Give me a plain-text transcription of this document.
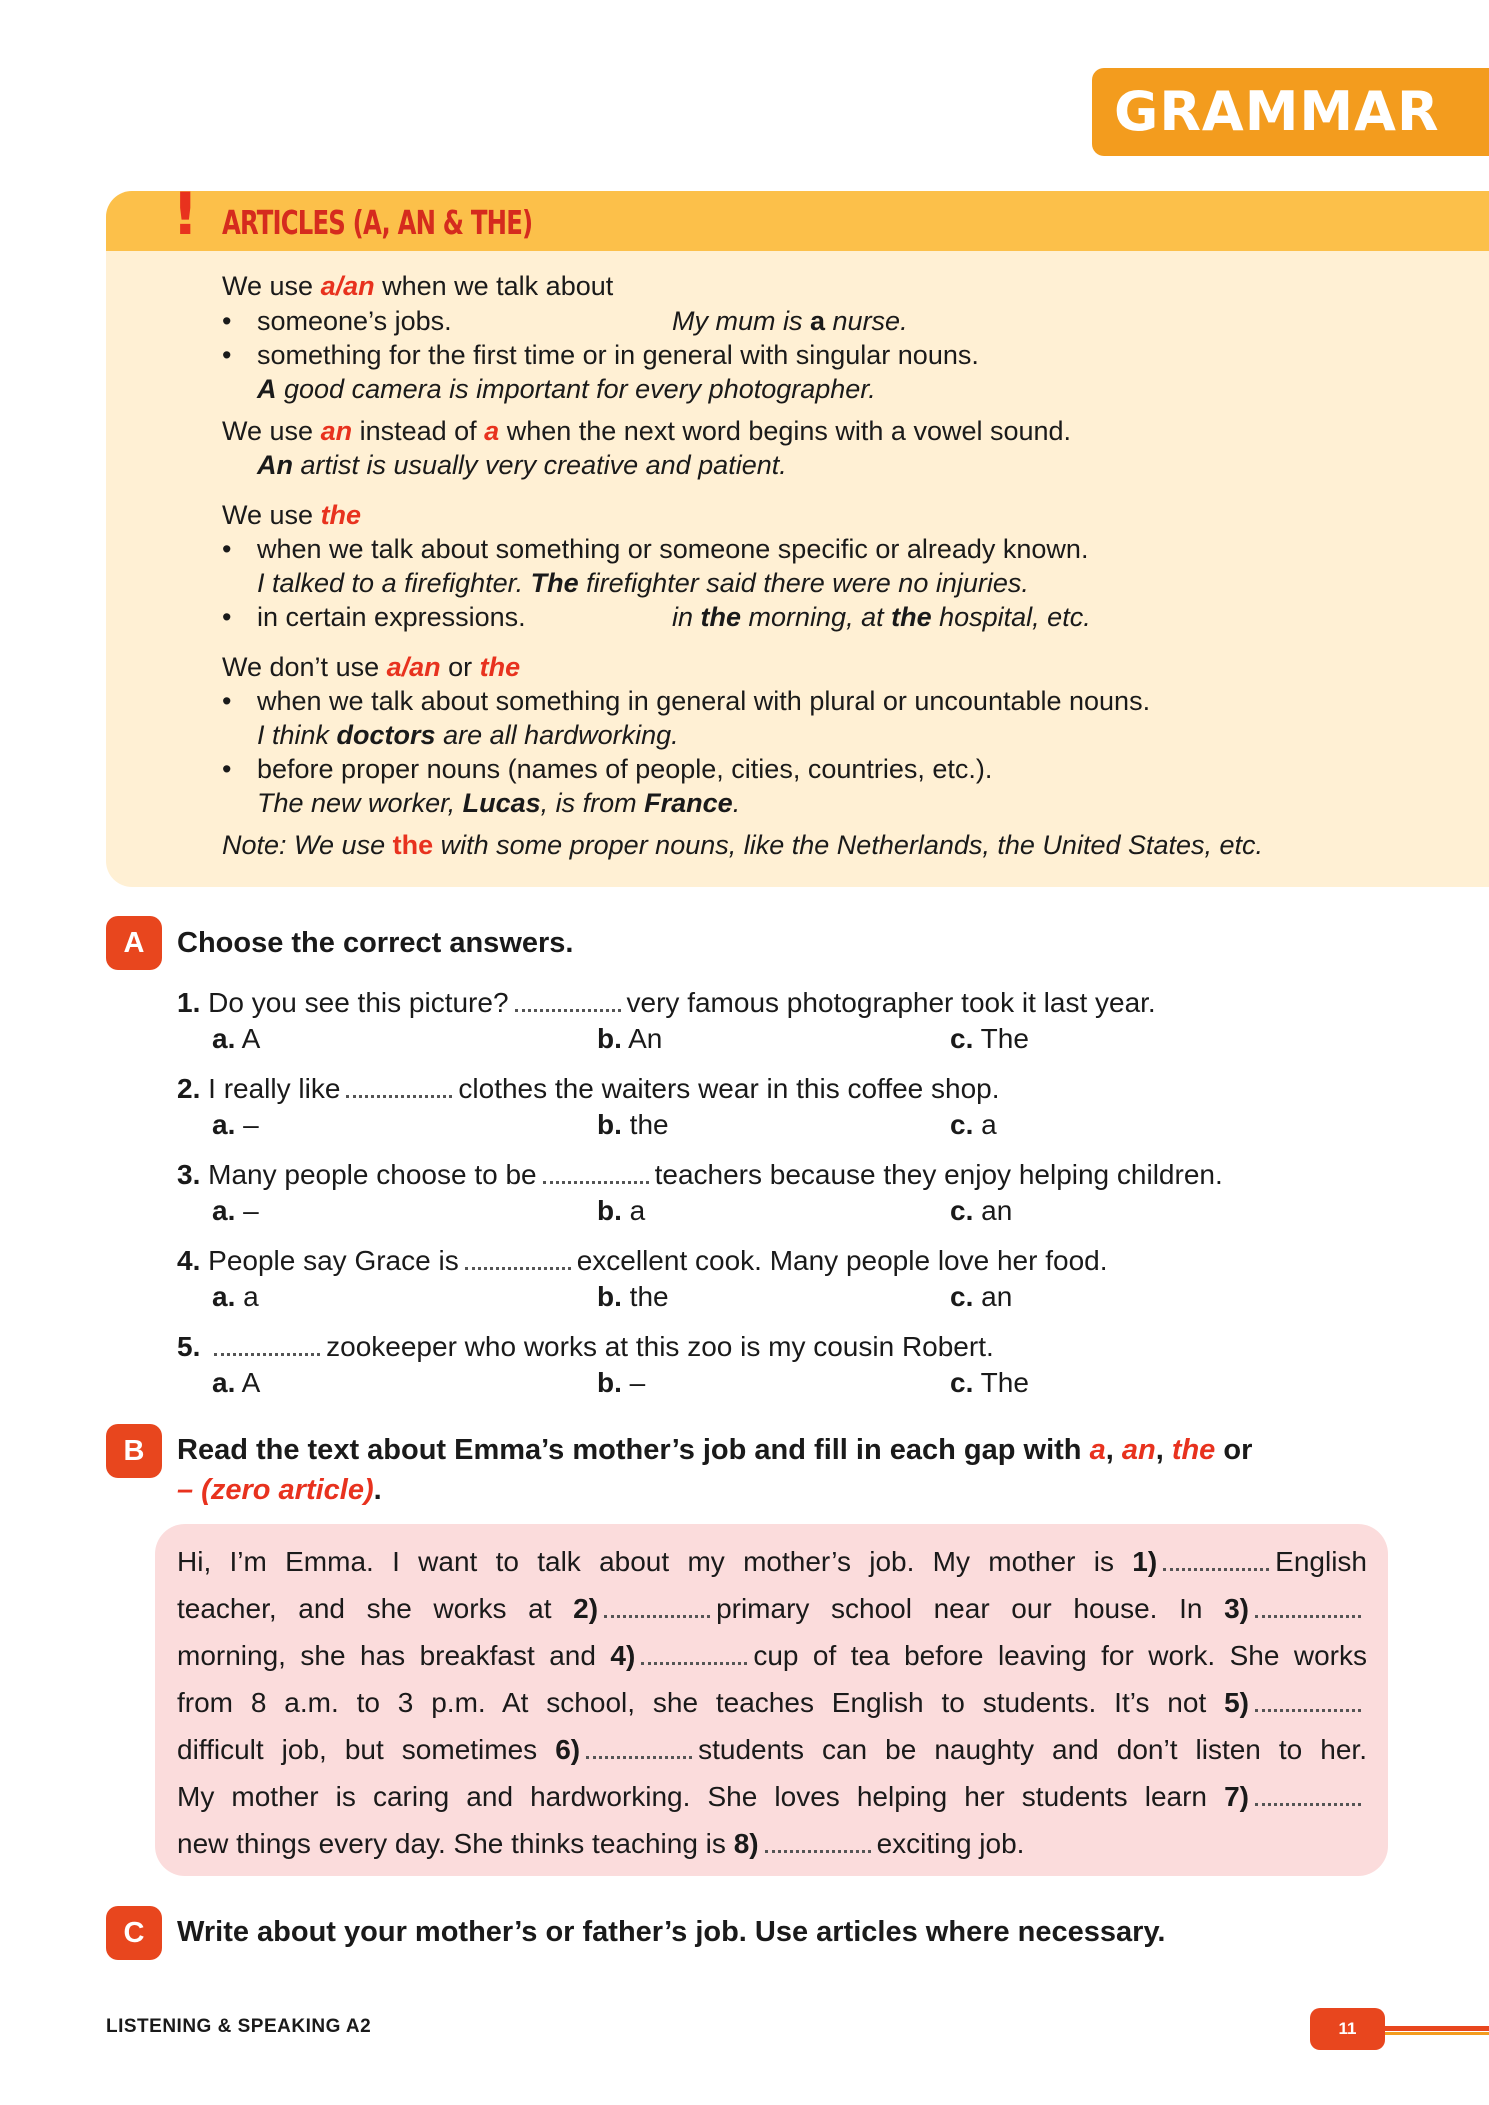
GRAMMAR
! ARTICLES (A, AN & THE)
We use a/an when we talk about
• someone’s jobs.	My mum is a nurse.
• something for the first time or in general with singular nouns.
A good camera is important for every photographer.
We use an instead of a when the next word begins with a vowel sound.
An artist is usually very creative and patient.
We use the
• when we talk about something or someone specific or already known.
I talked to a firefighter. The firefighter said there were no injuries.
• in certain expressions.	in the morning, at the hospital, etc.
We don’t use a/an or the
• when we talk about something in general with plural or uncountable nouns.
I think doctors are all hardworking.
• before proper nouns (names of people, cities, countries, etc.).
The new worker, Lucas, is from France.
Note: We use the with some proper nouns, like the Netherlands, the United States, etc.
A	Choose the correct answers.
1. Do you see this picture?	very famous photographer took it last year.
a. A	b. An	c. The
2. I really like	clothes the waiters wear in this coffee shop.
a. –	b. the	c. a
3. Many people choose to be	teachers because they enjoy helping children.
a. –	b. a	c. an
4. People say Grace is	excellent cook. Many people love her food.
a. a	b. the	c. an
5.	zookeeper who works at this zoo is my cousin Robert.
a. A	b. –	c. The
B	Read the text about Emma’s mother’s job and fill in each gap with a, an, the or
– (zero article).
Hi, I’m Emma. I want to talk about my mother’s job. My mother is 1)	English
teacher, and she works at 2)	primary school near our house. In 3)
morning, she has breakfast and 4)	cup of tea before leaving for work. She works
from 8 a.m. to 3 p.m. At school, she teaches English to students. It’s not 5)
difficult job, but sometimes 6)	students can be naughty and don’t listen to her.
My mother is caring and hardworking. She loves helping her students learn 7)
new things every day. She thinks teaching is 8)	exciting job.
C	Write about your mother’s or father’s job. Use articles where necessary.
LISTENING & SPEAKING A2	11
